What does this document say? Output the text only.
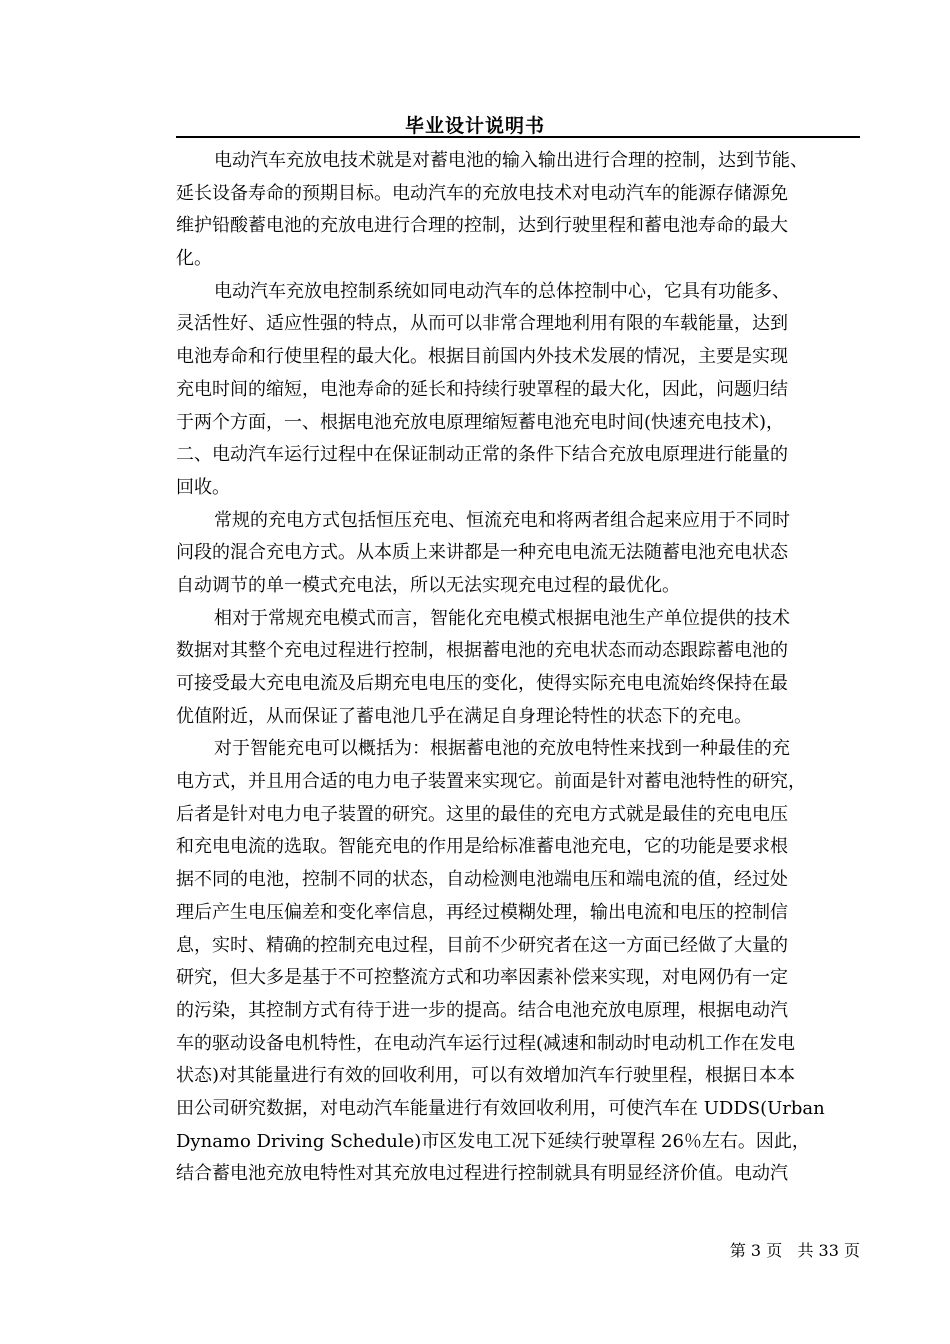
毕业设计说明书
电动汽车充放电技术就是对蓄电池的输入输出进行合理的控制，达到节能、
延长设备寿命的预期目标。电动汽车的充放电技术对电动汽车的能源存储源免
维护铅酸蓄电池的充放电进行合理的控制，达到行驶里程和蓄电池寿命的最大
化。
电动汽车充放电控制系统如同电动汽车的总体控制中心，它具有功能多、
灵活性好、适应性强的特点，从而可以非常合理地利用有限的车载能量，达到
电池寿命和行使里程的最大化。根据目前国内外技术发展的情况，主要是实现
充电时间的缩短，电池寿命的延长和持续行驶罩程的最大化，因此，问题归结
于两个方面，一、根据电池充放电原理缩短蓄电池充电时间(快速充电技术)，
二、电动汽车运行过程中在保证制动正常的条件下结合充放电原理进行能量的
回收。
常规的充电方式包括恒压充电、恒流充电和将两者组合起来应用于不同时
问段的混合充电方式。从本质上来讲都是一种充电电流无法随蓄电池充电状态
自动调节的单一模式充电法，所以无法实现充电过程的最优化。
相对于常规充电模式而言，智能化充电模式根据电池生产单位提供的技术
数据对其整个充电过程进行控制，根据蓄电池的充电状态而动态跟踪蓄电池的
可接受最大充电电流及后期充电电压的变化，使得实际充电电流始终保持在最
优值附近，从而保证了蓄电池几乎在满足自身理论特性的状态下的充电。
对于智能充电可以概括为：根据蓄电池的充放电特性来找到一种最佳的充
电方式，并且用合适的电力电子装置来实现它。前面是针对蓄电池特性的研究，
后者是针对电力电子装置的研究。这里的最佳的充电方式就是最佳的充电电压
和充电电流的选取。智能充电的作用是给标准蓄电池充电，它的功能是要求根
据不同的电池，控制不同的状态，自动检测电池端电压和端电流的值，经过处
理后产生电压偏差和变化率信息，再经过模糊处理，输出电流和电压的控制信
息，实时、精确的控制充电过程，目前不少研究者在这一方面已经做了大量的
研究，但大多是基于不可控整流方式和功率因素补偿来实现，对电网仍有一定
的污染，其控制方式有待于进一步的提高。结合电池充放电原理，根据电动汽
车的驱动设备电机特性，在电动汽车运行过程(减速和制动时电动机工作在发电
状态)对其能量进行有效的回收利用，可以有效增加汽车行驶里程，根据日本本
田公司研究数据，对电动汽车能量进行有效回收利用，可使汽车在 UDDS(Urban
Dynamo Driving Schedule)市区发电工况下延续行驶罩程 26％左右。因此，
结合蓄电池充放电特性对其充放电过程进行控制就具有明显经济价值。电动汽
第 3 页   共 33 页
